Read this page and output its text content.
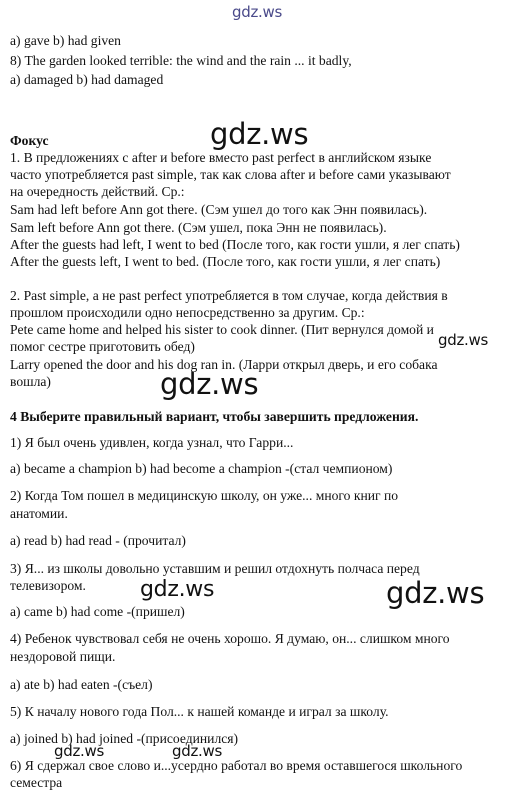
gdz.ws
gdz.ws
gdz.ws
gdz.ws
gdz.ws	gdz.ws
gdz.ws	gdz.ws
a) gave b) had given
8) The garden looked terrible: the wind and the rain ... it badly,
a) damaged b) had damaged
Фокус
1. В предложениях с after и before вместо past perfect в английском языке
часто употребляется past simple, так как слова after и before сами указывают
на очередность действий. Ср.:
Sam had left before Ann got there. (Сэм ушел до того как Энн появилась).
Sam left before Ann got there. (Сэм ушел, пока Энн не появилась).
After the guests had left, I went to bed (После того, как гости ушли, я лег спать)
After the guests left, I went to bed. (После того, как гости ушли, я лег спать)
2. Past simple, а не past perfect употребляется в том случае, когда действия в
прошлом происходили одно непосредственно за другим. Ср.:
Pete came home and helped his sister to cook dinner. (Пит вернулся домой и
помог сестре приготовить обед)
Larry opened the door and his dog ran in. (Ларри открыл дверь, и его собака
вошла)
4 Выберите правильный вариант, чтобы завершить предложения.
1) Я был очень удивлен, когда узнал, что Гарри...
a) became a champion b) had become a champion -(стал чемпионом)
2) Когда Том пошел в медицинскую школу, он уже... много книг по
анатомии.
a) read b) had read - (прочитал)
3) Я... из школы довольно уставшим и решил отдохнуть полчаса перед
телевизором.
a) came b) had come -(пришел)
4) Ребенок чувствовал себя не очень хорошо. Я думаю, он... слишком много
нездоровой пищи.
a) ate b) had eaten -(съел)
5) К началу нового года Пол... к нашей команде и играл за школу.
a) joined b) had joined -(присоединился)
6) Я сдержал свое слово и...усердно работал во время оставшегося школьного
семестра
